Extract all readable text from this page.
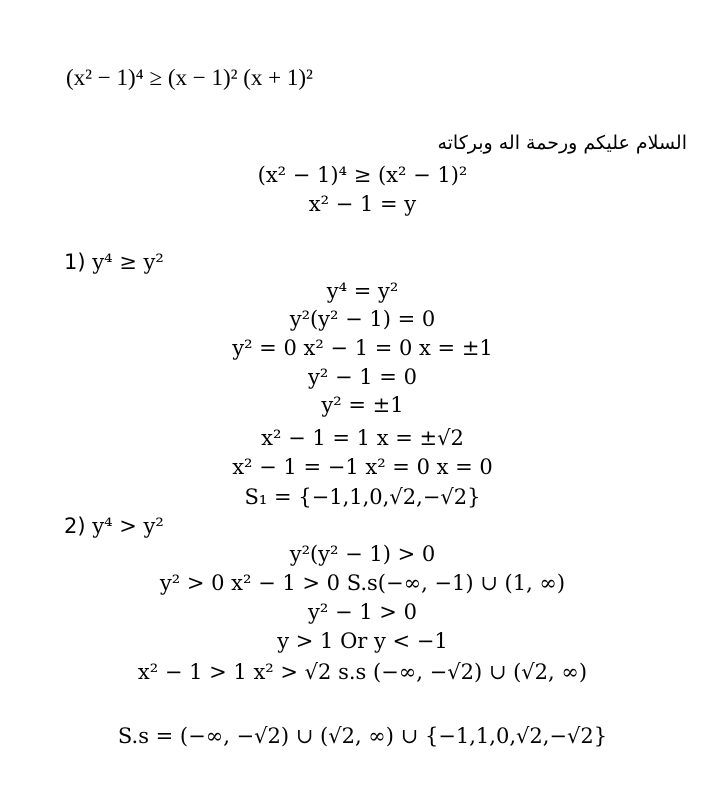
(x² − 1)⁴ ≥ (x − 1)² (x + 1)²
السلام عليكم ورحمة اله وبركاته
(x² − 1)⁴ ≥ (x² − 1)²
x² − 1 = y
1) y⁴ ≥ y²
y⁴ = y²
y²(y² − 1) = 0
y² = 0 x² − 1 = 0 x = ±1
y² − 1 = 0
y² = ±1
x² − 1 = 1 x = ±√2
x² − 1 = −1 x² = 0 x = 0
S₁ = {−1,1,0,√2,−√2}
2) y⁴ > y²
y²(y² − 1) > 0
y² > 0 x² − 1 > 0 S.s(−∞, −1) ∪ (1, ∞)
y² − 1 > 0
y > 1 Or y < −1
x² − 1 > 1 x² > √2 s.s (−∞, −√2) ∪ (√2, ∞)
S.s = (−∞, −√2) ∪ (√2, ∞) ∪ {−1,1,0,√2,−√2}
